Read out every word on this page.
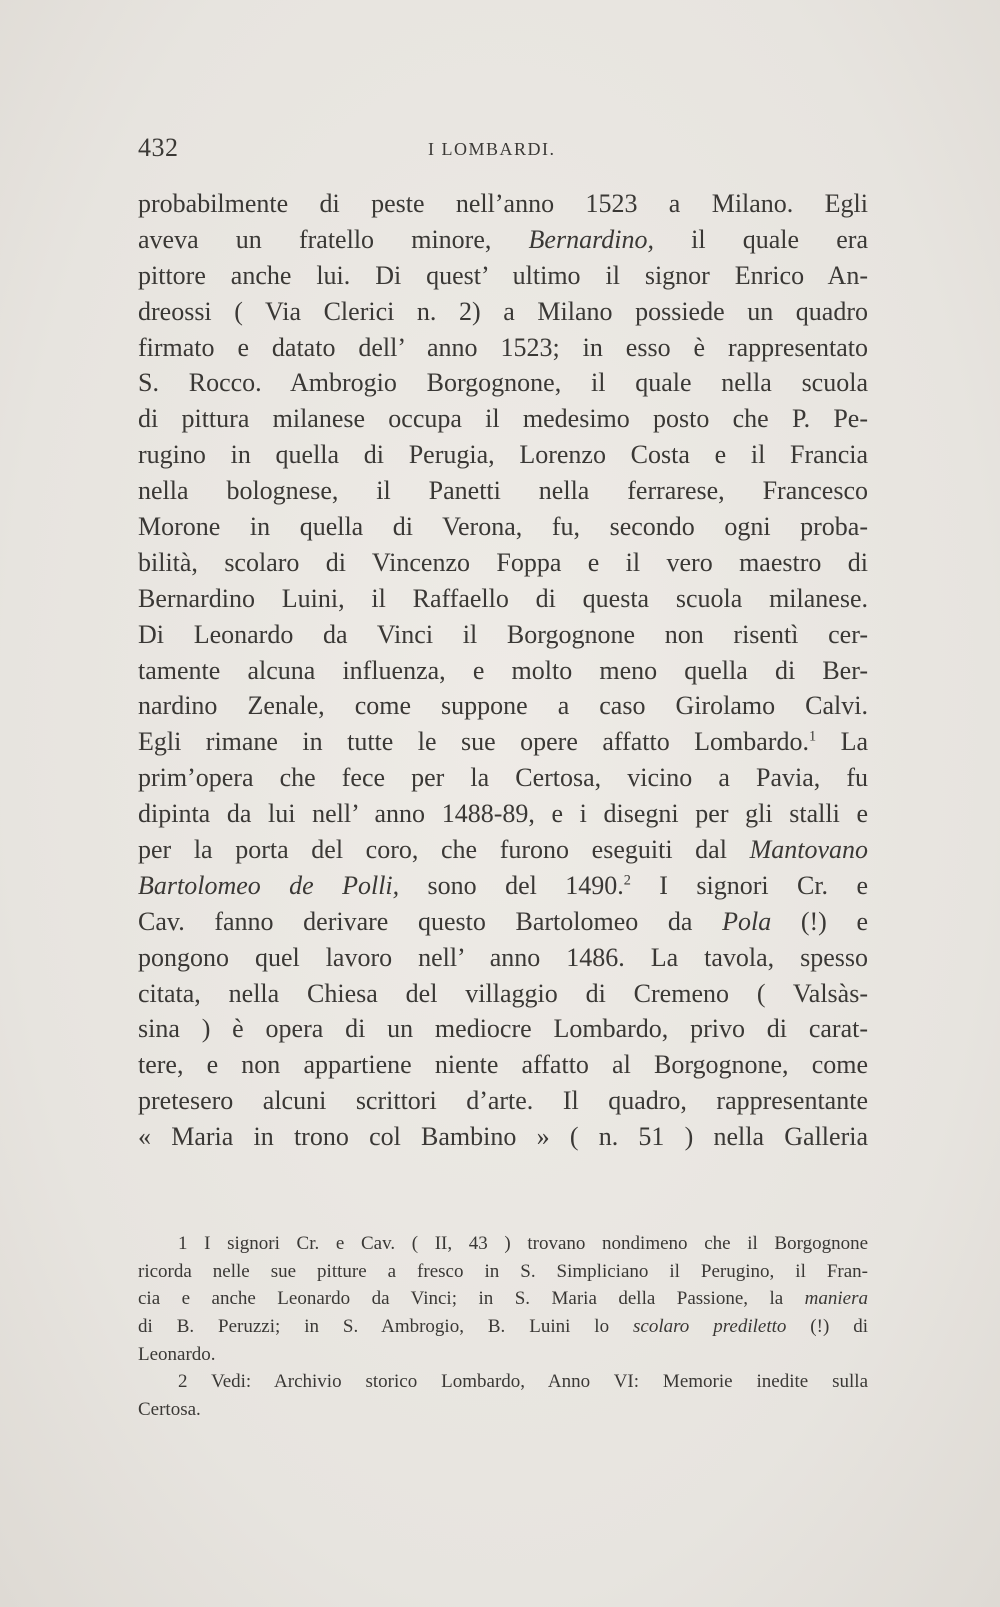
432	I LOMBARDI.
probabilmente di peste nell’anno 1523 a Milano. Egli
aveva un fratello minore, Bernardino, il quale era
pittore anche lui. Di quest’ ultimo il signor Enrico An-
dreossi ( Via Clerici n. 2) a Milano possiede un quadro
firmato e datato dell’ anno 1523; in esso è rappresentato
S. Rocco. Ambrogio Borgognone, il quale nella scuola
di pittura milanese occupa il medesimo posto che P. Pe-
rugino in quella di Perugia, Lorenzo Costa e il Francia
nella bolognese, il Panetti nella ferrarese, Francesco
Morone in quella di Verona, fu, secondo ogni proba-
bilità, scolaro di Vincenzo Foppa e il vero maestro di
Bernardino Luini, il Raffaello di questa scuola milanese.
Di Leonardo da Vinci il Borgognone non risentì cer-
tamente alcuna influenza, e molto meno quella di Ber-
nardino Zenale, come suppone a caso Girolamo Calvi.
Egli rimane in tutte le sue opere affatto Lombardo.$^1$ La
prim’opera che fece per la Certosa, vicino a Pavia, fu
dipinta da lui nell’ anno 1488-89, e i disegni per gli stalli e
per la porta del coro, che furono eseguiti dal Mantovano
Bartolomeo de Polli, sono del 1490.$^2$ I signori Cr. e
Cav. fanno derivare questo Bartolomeo da Pola (!) e
pongono quel lavoro nell’ anno 1486. La tavola, spesso
citata, nella Chiesa del villaggio di Cremeno ( Valsàs-
sina ) è opera di un mediocre Lombardo, privo di carat-
tere, e non appartiene niente affatto al Borgognone, come
pretesero alcuni scrittori d’arte. Il quadro, rappresentante
« Maria in trono col Bambino » ( n. 51 ) nella Galleria
1 I signori Cr. e Cav. ( II, 43 ) trovano nondimeno che il Borgognone
ricorda nelle sue pitture a fresco in S. Simpliciano il Perugino, il Fran-
cia e anche Leonardo da Vinci; in S. Maria della Passione, la maniera
di B. Peruzzi; in S. Ambrogio, B. Luini lo scolaro prediletto (!) di
Leonardo.
2 Vedi: Archivio storico Lombardo, Anno VI: Memorie inedite sulla
Certosa.
